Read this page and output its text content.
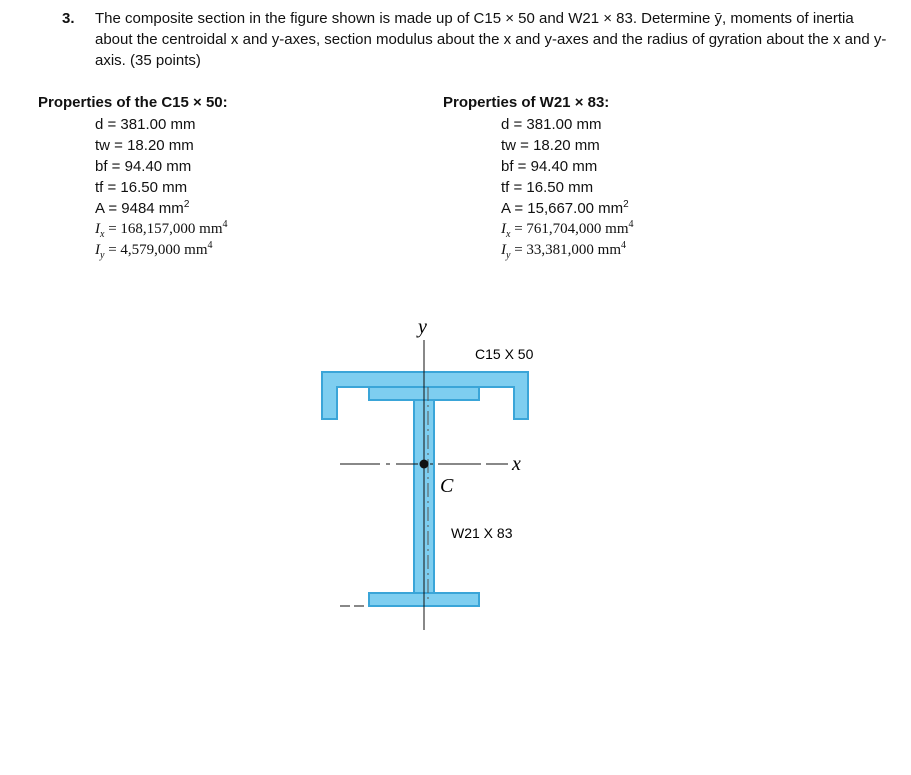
3. The composite section in the figure shown is made up of C15 × 50 and W21 × 83. Determine ȳ, moments of inertia about the centroidal x and y-axes, section modulus about the x and y-axes and the radius of gyration about the x and y-axis. (35 points)
Properties of the C15 × 50:
d = 381.00 mm
tw = 18.20 mm
bf = 94.40 mm
tf = 16.50 mm
A = 9484 $mm^2$
$I_x = 168,157,000$ $mm^4$
$I_y = 4,579,000$ $mm^4$
Properties of W21 × 83:
d = 381.00 mm
tw = 18.20 mm
bf = 94.40 mm
tf = 16.50 mm
A = 15,667.00 $mm^2$
$I_x = 761,704,000$ $mm^4$
$I_y = 33,381,000$ $mm^4$
y
x
C
C15 X 50
W21 X 83
